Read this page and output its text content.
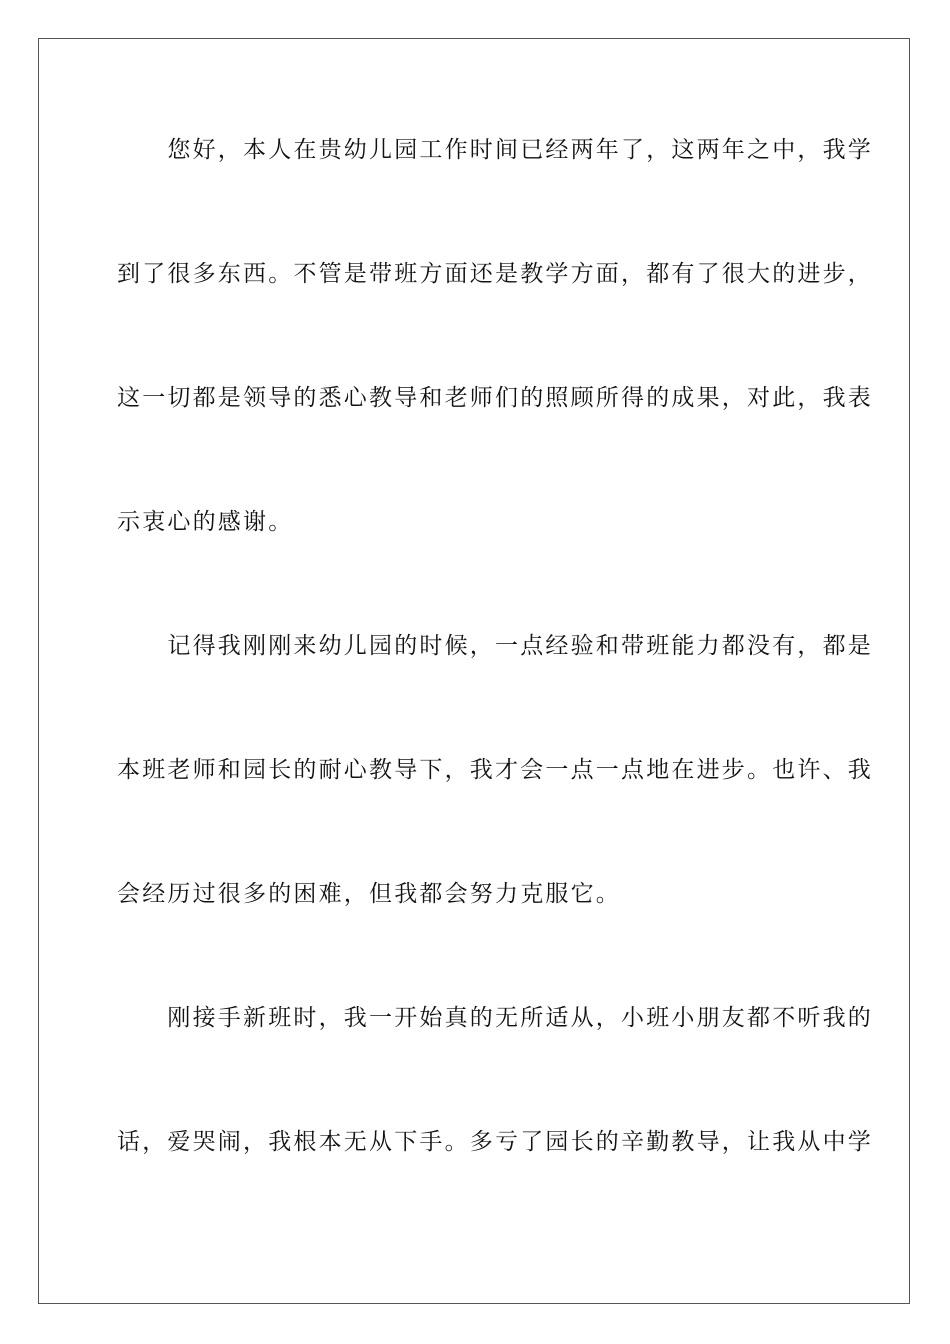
　　您好，本人在贵幼儿园工作时间已经两年了，这两年之中，我学
到了很多东西。不管是带班方面还是教学方面，都有了很大的进步，
这一切都是领导的悉心教导和老师们的照顾所得的成果，对此，我表
示衷心的感谢。
　　记得我刚刚来幼儿园的时候，一点经验和带班能力都没有，都是
本班老师和园长的耐心教导下，我才会一点一点地在进步。也许、我
会经历过很多的困难，但我都会努力克服它。
　　刚接手新班时，我一开始真的无所适从，小班小朋友都不听我的
话，爱哭闹，我根本无从下手。多亏了园长的辛勤教导，让我从中学
